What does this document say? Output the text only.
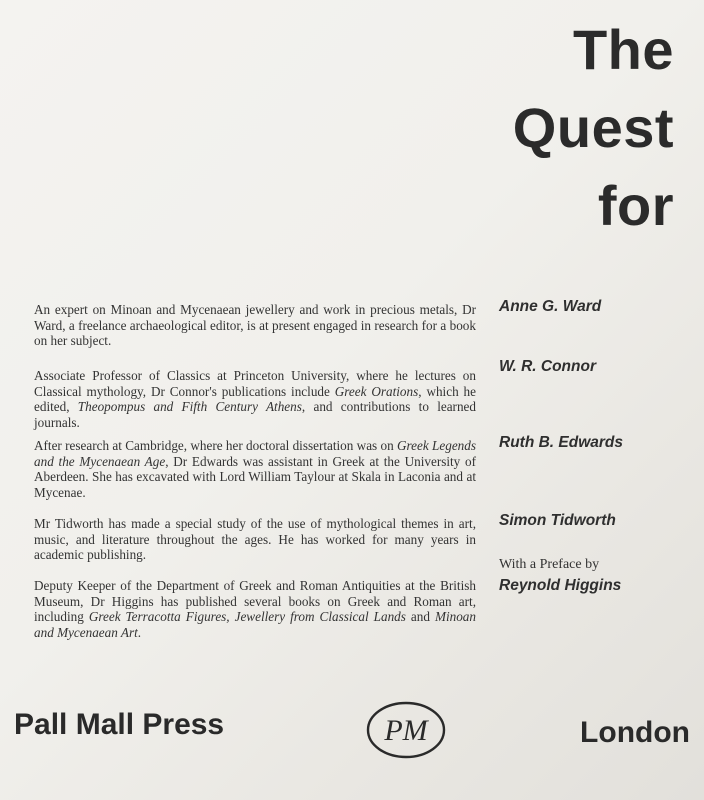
The
Quest
for

An expert on Minoan and Mycenaean jewellery and work in precious metals, Dr Ward, a freelance archaeological editor, is at present engaged in research for a book on her subject.

Associate Professor of Classics at Princeton University, where he lectures on Classical mythology, Dr Connor's publications include Greek Orations, which he edited, Theopompus and Fifth Century Athens, and contributions to learned journals.

After research at Cambridge, where her doctoral dissertation was on Greek Legends and the Mycenaean Age, Dr Edwards was assistant in Greek at the University of Aberdeen. She has excavated with Lord William Taylour at Skala in Laconia and at Mycenae.

Mr Tidworth has made a special study of the use of mythological themes in art, music, and literature throughout the ages. He has worked for many years in academic publishing.

Deputy Keeper of the Department of Greek and Roman Antiquities at the British Museum, Dr Higgins has published several books on Greek and Roman art, including Greek Terracotta Figures, Jewellery from Classical Lands and Minoan and Mycenaean Art.

Anne G. Ward

W. R. Connor

Ruth B. Edwards

Simon Tidworth

With a Preface by

Reynold Higgins

Pall Mall Press	PM	London
